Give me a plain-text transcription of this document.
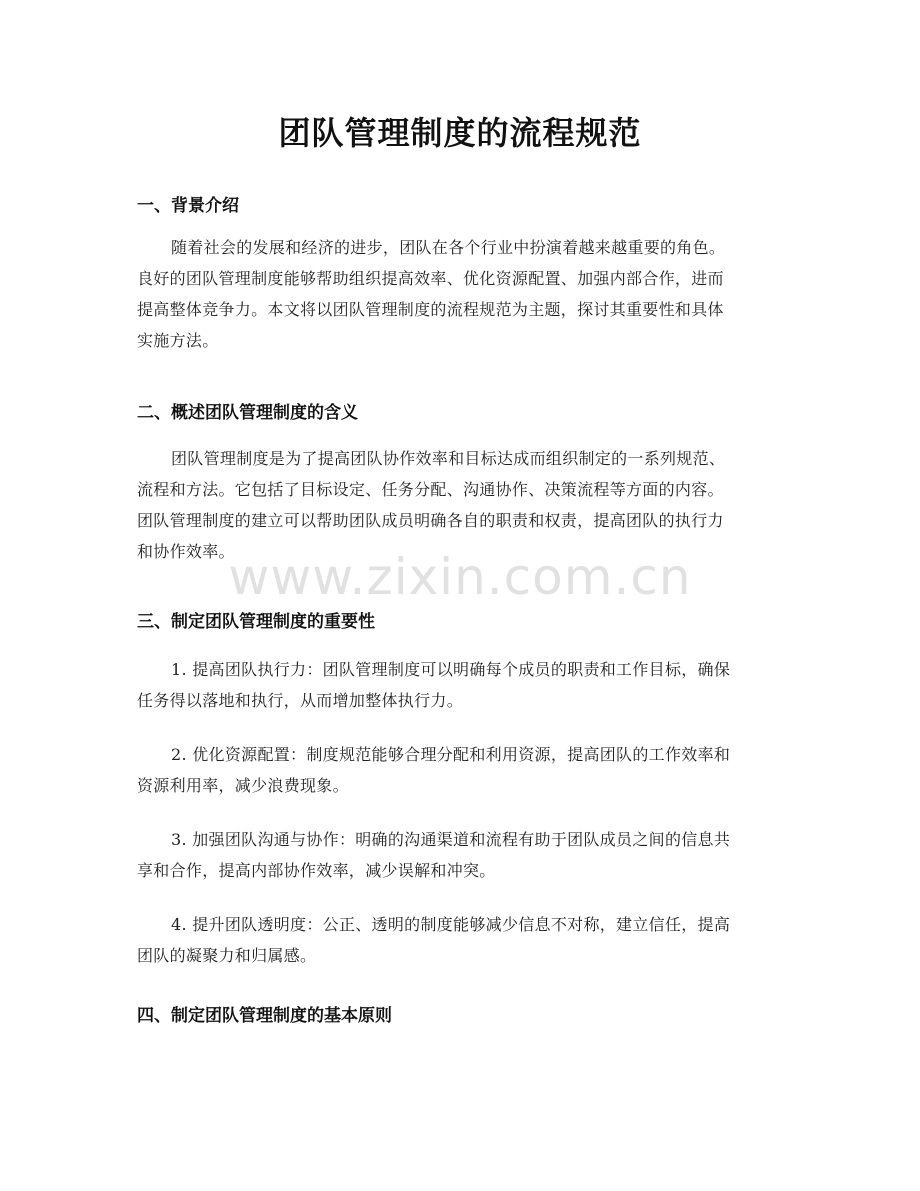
团队管理制度的流程规范
一、背景介绍

随着社会的发展和经济的进步，团队在各个行业中扮演着越来越重要的角色。
良好的团队管理制度能够帮助组织提高效率、优化资源配置、加强内部合作，进而
提高整体竞争力。本文将以团队管理制度的流程规范为主题，探讨其重要性和具体
实施方法。

二、概述团队管理制度的含义

团队管理制度是为了提高团队协作效率和目标达成而组织制定的一系列规范、
流程和方法。它包括了目标设定、任务分配、沟通协作、决策流程等方面的内容。
团队管理制度的建立可以帮助团队成员明确各自的职责和权责，提高团队的执行力
和协作效率。

三、制定团队管理制度的重要性

1. 提高团队执行力：团队管理制度可以明确每个成员的职责和工作目标，确保
任务得以落地和执行，从而增加整体执行力。

2. 优化资源配置：制度规范能够合理分配和利用资源，提高团队的工作效率和
资源利用率，减少浪费现象。

3. 加强团队沟通与协作：明确的沟通渠道和流程有助于团队成员之间的信息共
享和合作，提高内部协作效率，减少误解和冲突。

4. 提升团队透明度：公正、透明的制度能够减少信息不对称，建立信任，提高
团队的凝聚力和归属感。

四、制定团队管理制度的基本原则
www.zixin.com.cn
